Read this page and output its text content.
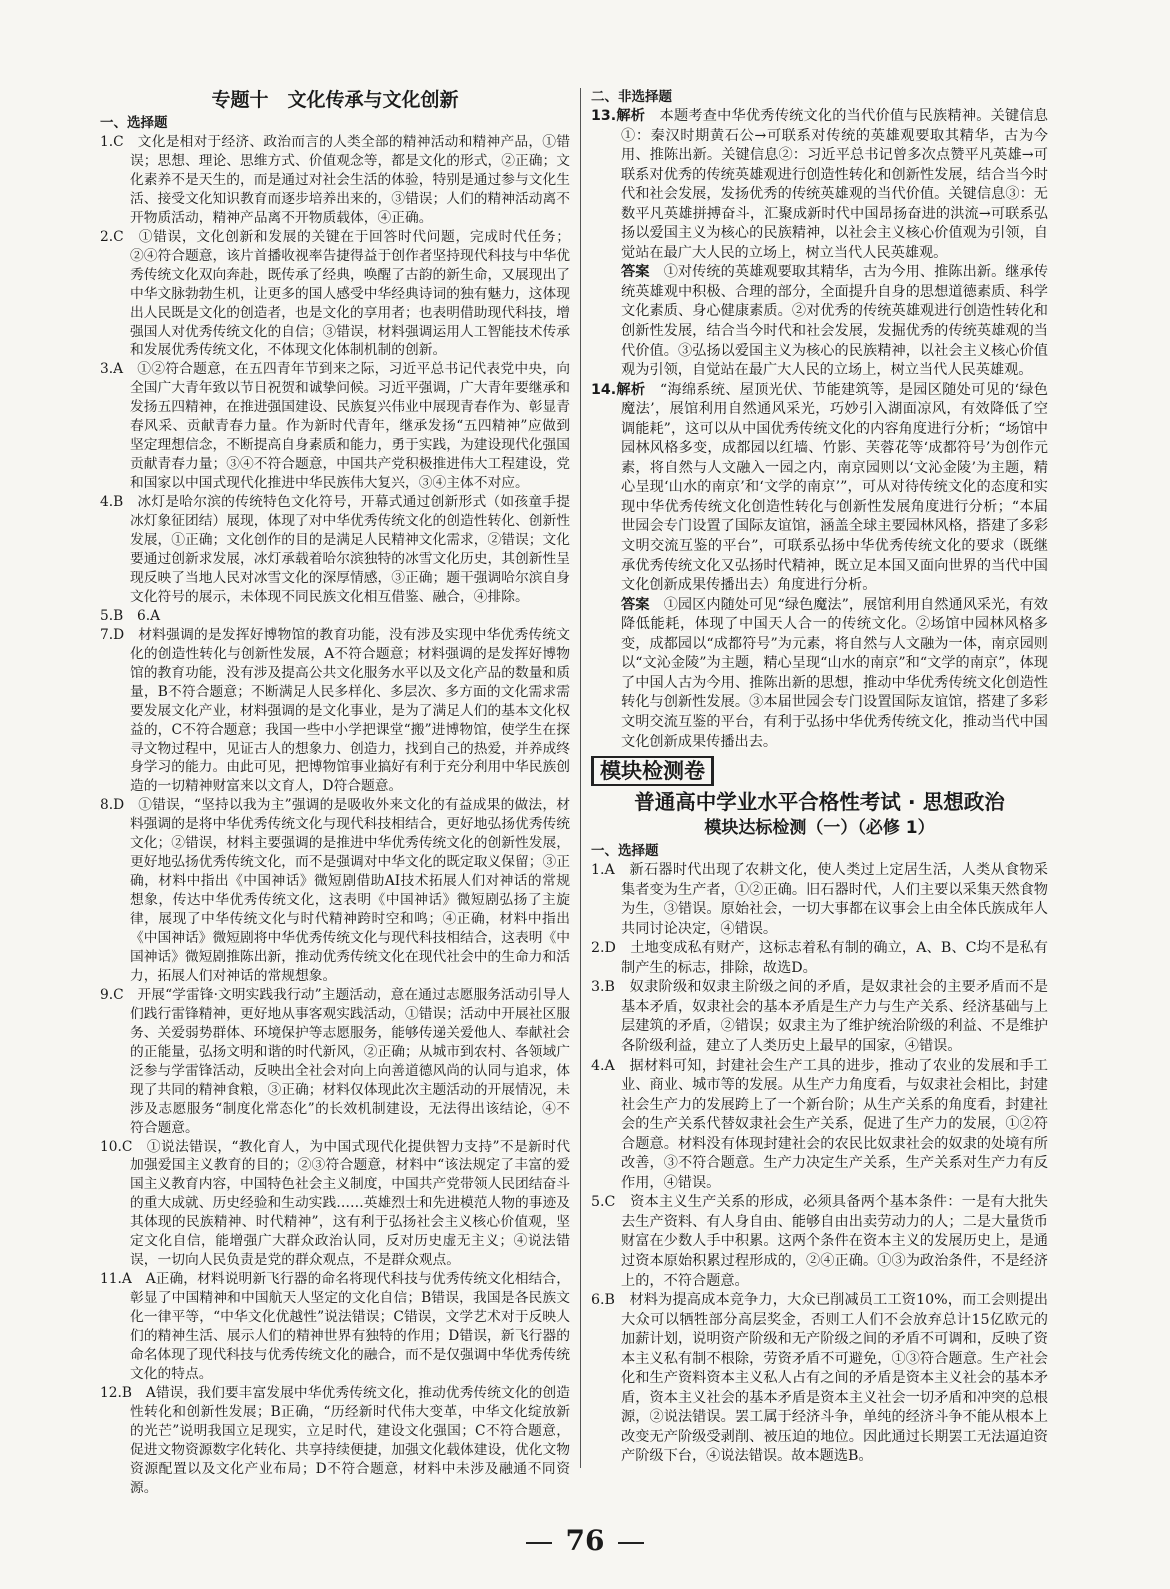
专题十　文化传承与文化创新
一、选择题
1.C　 文化是相对于经济、政治而言的人类全部的精神活动和精神产品，①错误；思想、理论、思维方式、价值观念等，都是文化的形式，②正确；文化素养不是天生的，而是通过对社会生活的体验，特别是通过参与文化生活、接受文化知识教育而逐步培养出来的，③错误；人们的精神活动离不开物质活动，精神产品离不开物质载体，④正确。
2.C　 ①错误，文化创新和发展的关键在于回答时代问题，完成时代任务；②④符合题意，该片首播收视率告捷得益于创作者坚持现代科技与中华优秀传统文化双向奔赴，既传承了经典，唤醒了古韵的新生命，又展现出了中华文脉勃勃生机，让更多的国人感受中华经典诗词的独有魅力，这体现出人民既是文化的创造者，也是文化的享用者；也表明借助现代科技，增强国人对优秀传统文化的自信；③错误，材料强调运用人工智能技术传承和发展优秀传统文化，不体现文化体制机制的创新。
3.A　 ①②符合题意，在五四青年节到来之际，习近平总书记代表党中央，向全国广大青年致以节日祝贺和诚挚问候。习近平强调，广大青年要继承和发扬五四精神，在推进强国建设、民族复兴伟业中展现青春作为、彰显青春风采、贡献青春力量。作为新时代青年，继承发扬“五四精神”应做到坚定理想信念，不断提高自身素质和能力，勇于实践，为建设现代化强国贡献青春力量；③④不符合题意，中国共产党积极推进伟大工程建设，党和国家以中国式现代化推进中华民族伟大复兴，③④主体不对应。
4.B　 冰灯是哈尔滨的传统特色文化符号，开幕式通过创新形式（如孩童手提冰灯象征团结）展现，体现了对中华优秀传统文化的创造性转化、创新性发展，①正确；文化创作的目的是满足人民精神文化需求，②错误；文化要通过创新求发展，冰灯承载着哈尔滨独特的冰雪文化历史，其创新性呈现反映了当地人民对冰雪文化的深厚情感，③正确；题干强调哈尔滨自身文化符号的展示，未体现不同民族文化相互借鉴、融合，④排除。
5.B　 6.A
7.D　 材料强调的是发挥好博物馆的教育功能，没有涉及实现中华优秀传统文化的创造性转化与创新性发展，A不符合题意；材料强调的是发挥好博物馆的教育功能，没有涉及提高公共文化服务水平以及文化产品的数量和质量，B不符合题意；不断满足人民多样化、多层次、多方面的文化需求需要发展文化产业，材料强调的是文化事业，是为了满足人们的基本文化权益的，C不符合题意；我国一些中小学把课堂“搬”进博物馆，使学生在探寻文物过程中，见证古人的想象力、创造力，找到自己的热爱，并养成终身学习的能力。由此可见，把博物馆事业搞好有利于充分利用中华民族创造的一切精神财富来以文育人，D符合题意。
8.D　 ①错误，“坚持以我为主”强调的是吸收外来文化的有益成果的做法，材料强调的是将中华优秀传统文化与现代科技相结合，更好地弘扬优秀传统文化；②错误，材料主要强调的是推进中华优秀传统文化的创新性发展，更好地弘扬优秀传统文化，而不是强调对中华文化的既定取义保留；③正确，材料中指出《中国神话》微短剧借助AI技术拓展人们对神话的常规想象，传达中华优秀传统文化，这表明《中国神话》微短剧弘扬了主旋律，展现了中华传统文化与时代精神跨时空和鸣；④正确，材料中指出《中国神话》微短剧将中华优秀传统文化与现代科技相结合，这表明《中国神话》微短剧推陈出新，推动优秀传统文化在现代社会中的生命力和活力，拓展人们对神话的常规想象。
9.C　 开展“学雷锋·文明实践我行动”主题活动，意在通过志愿服务活动引导人们践行雷锋精神，更好地从事客观实践活动，①错误；活动中开展社区服务、关爱弱势群体、环境保护等志愿服务，能够传递关爱他人、奉献社会的正能量，弘扬文明和谐的时代新风，②正确；从城市到农村、各领域广泛参与学雷锋活动，反映出全社会对向上向善道德风尚的认同与追求，体现了共同的精神食粮，③正确；材料仅体现此次主题活动的开展情况，未涉及志愿服务“制度化常态化”的长效机制建设，无法得出该结论，④不符合题意。
10.C　 ①说法错误，“教化育人，为中国式现代化提供智力支持”不是新时代加强爱国主义教育的目的；②③符合题意，材料中“该法规定了丰富的爱国主义教育内容，中国特色社会主义制度，中国共产党带领人民团结奋斗的重大成就、历史经验和生动实践……英雄烈士和先进模范人物的事迹及其体现的民族精神、时代精神”，这有利于弘扬社会主义核心价值观，坚定文化自信，能增强广大群众政治认同，反对历史虚无主义；④说法错误，一切向人民负责是党的群众观点，不是群众观点。
11.A　 A正确，材料说明新飞行器的命名将现代科技与优秀传统文化相结合，彰显了中国精神和中国航天人坚定的文化自信；B错误，我国是各民族文化一律平等，“中华文化优越性”说法错误；C错误，文学艺术对于反映人们的精神生活、展示人们的精神世界有独特的作用；D错误，新飞行器的命名体现了现代科技与优秀传统文化的融合，而不是仅强调中华优秀传统文化的特点。
12.B　 A错误，我们要丰富发展中华优秀传统文化，推动优秀传统文化的创造性转化和创新性发展；B正确，“历经新时代伟大变革，中华文化绽放新的光芒”说明我国立足现实，立足时代，建设文化强国；C不符合题意，促进文物资源数字化转化、共享持续便捷，加强文化载体建设，优化文物资源配置以及文化产业布局；D不符合题意，材料中未涉及融通不同资源。
二、非选择题
13.解析　 本题考查中华优秀传统文化的当代价值与民族精神。关键信息①：秦汉时期黄石公→可联系对传统的英雄观要取其精华，古为今用、推陈出新。关键信息②：习近平总书记曾多次点赞平凡英雄→可联系对优秀的传统英雄观进行创造性转化和创新性发展，结合当今时代和社会发展，发扬优秀的传统英雄观的当代价值。关键信息③：无数平凡英雄拼搏奋斗，汇聚成新时代中国昂扬奋进的洪流→可联系弘扬以爱国主义为核心的民族精神，以社会主义核心价值观为引领，自觉站在最广大人民的立场上，树立当代人民英雄观。
答案　 ①对传统的英雄观要取其精华，古为今用、推陈出新。继承传统英雄观中积极、合理的部分，全面提升自身的思想道德素质、科学文化素质、身心健康素质。②对优秀的传统英雄观进行创造性转化和创新性发展，结合当今时代和社会发展，发掘优秀的传统英雄观的当代价值。③弘扬以爱国主义为核心的民族精神，以社会主义核心价值观为引领，自觉站在最广大人民的立场上，树立当代人民英雄观。
14.解析　 “海绵系统、屋顶光伏、节能建筑等，是园区随处可见的‘绿色魔法’，展馆利用自然通风采光，巧妙引入湖面凉风，有效降低了空调能耗”，这可以从中国优秀传统文化的内容角度进行分析；“场馆中园林风格多变，成都园以红墙、竹影、芙蓉花等‘成都符号’为创作元素，将自然与人文融入一园之内，南京园则以‘文沁金陵’为主题，精心呈现‘山水的南京’和‘文学的南京’”，可从对待传统文化的态度和实现中华优秀传统文化创造性转化与创新性发展角度进行分析；“本届世园会专门设置了国际友谊馆，涵盖全球主要园林风格，搭建了多彩文明交流互鉴的平台”，可联系弘扬中华优秀传统文化的要求（既继承优秀传统文化又弘扬时代精神，既立足本国又面向世界的当代中国文化创新成果传播出去）角度进行分析。
答案　 ①园区内随处可见“绿色魔法”，展馆利用自然通风采光，有效降低能耗，体现了中国天人合一的传统文化。②场馆中园林风格多变，成都园以“成都符号”为元素，将自然与人文融为一体，南京园则以“文沁金陵”为主题，精心呈现“山水的南京”和“文学的南京”，体现了中国人古为今用、推陈出新的思想，推动中华优秀传统文化创造性转化与创新性发展。③本届世园会专门设置国际友谊馆，搭建了多彩文明交流互鉴的平台，有利于弘扬中华优秀传统文化，推动当代中国文化创新成果传播出去。
模块检测卷
普通高中学业水平合格性考试 · 思想政治
模块达标检测（一）（必修 1）
一、选择题
1.A　 新石器时代出现了农耕文化，使人类过上定居生活，人类从食物采集者变为生产者，①②正确。旧石器时代，人们主要以采集天然食物为生，③错误。原始社会，一切大事都在议事会上由全体氏族成年人共同讨论决定，④错误。
2.D　 土地变成私有财产，这标志着私有制的确立，A、B、C均不是私有制产生的标志，排除，故选D。
3.B　 奴隶阶级和奴隶主阶级之间的矛盾，是奴隶社会的主要矛盾而不是基本矛盾，奴隶社会的基本矛盾是生产力与生产关系、经济基础与上层建筑的矛盾，②错误；奴隶主为了维护统治阶级的利益、不是维护各阶级利益，建立了人类历史上最早的国家，④错误。
4.A　 据材料可知，封建社会生产工具的进步，推动了农业的发展和手工业、商业、城市等的发展。从生产力角度看，与奴隶社会相比，封建社会生产力的发展跨上了一个新台阶；从生产关系的角度看，封建社会的生产关系代替奴隶社会生产关系，促进了生产力的发展，①②符合题意。材料没有体现封建社会的农民比奴隶社会的奴隶的处境有所改善，③不符合题意。生产力决定生产关系，生产关系对生产力有反作用，④错误。
5.C　 资本主义生产关系的形成，必须具备两个基本条件：一是有大批失去生产资料、有人身自由、能够自由出卖劳动力的人；二是大量货币财富在少数人手中积累。这两个条件在资本主义的发展历史上，是通过资本原始积累过程形成的，②④正确。①③为政治条件，不是经济上的，不符合题意。
6.B　 材料为提高成本竞争力，大众已削减员工工资10%，而工会则提出大众可以牺牲部分高层奖金，否则工人们不会放弃总计15亿欧元的加薪计划，说明资产阶级和无产阶级之间的矛盾不可调和，反映了资本主义私有制不根除，劳资矛盾不可避免，①③符合题意。生产社会化和生产资料资本主义私人占有之间的矛盾是资本主义社会的基本矛盾，资本主义社会的基本矛盾是资本主义社会一切矛盾和冲突的总根源，②说法错误。罢工属于经济斗争，单纯的经济斗争不能从根本上改变无产阶级受剥削、被压迫的地位。因此通过长期罢工无法逼迫资产阶级下台，④说法错误。故本题选B。
76
